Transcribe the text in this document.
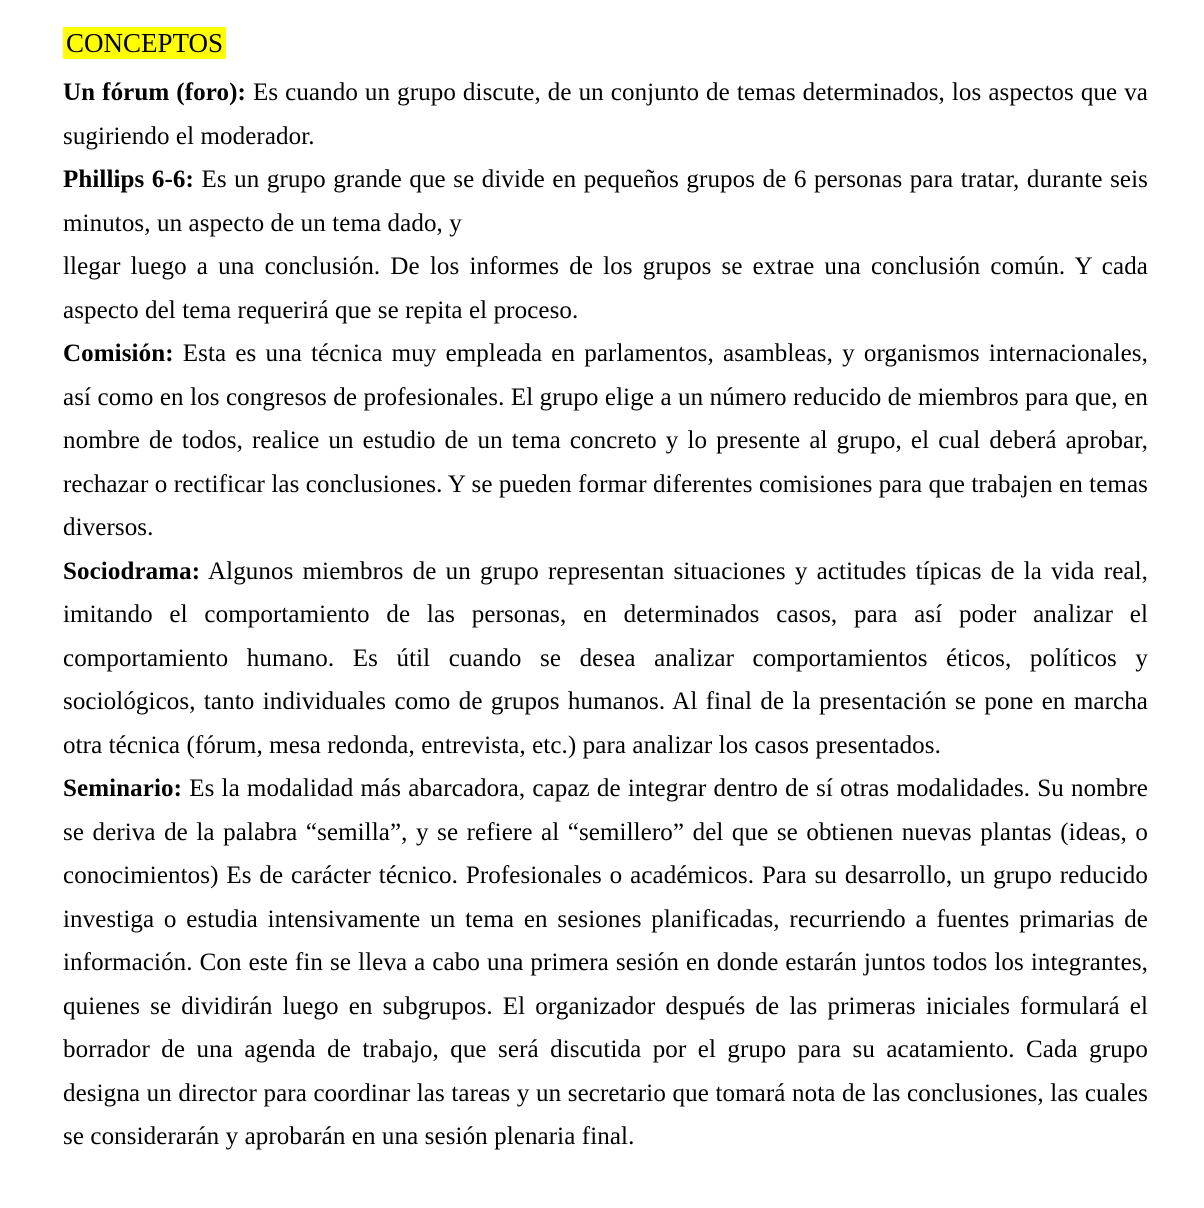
CONCEPTOS

Un fórum (foro): Es cuando un grupo discute, de un conjunto de temas determinados, los aspectos que va sugiriendo el moderador.

Phillips 6-6: Es un grupo grande que se divide en pequeños grupos de 6 personas para tratar, durante seis minutos, un aspecto de un tema dado, y

llegar luego a una conclusión. De los informes de los grupos se extrae una conclusión común. Y cada aspecto del tema requerirá que se repita el proceso.

Comisión: Esta es una técnica muy empleada en parlamentos, asambleas, y organismos internacionales, así como en los congresos de profesionales. El grupo elige a un número reducido de miembros para que, en nombre de todos, realice un estudio de un tema concreto y lo presente al grupo, el cual deberá aprobar, rechazar o rectificar las conclusiones. Y se pueden formar diferentes comisiones para que trabajen en temas diversos.

Sociodrama: Algunos miembros de un grupo representan situaciones y actitudes típicas de la vida real, imitando el comportamiento de las personas, en determinados casos, para así poder analizar el comportamiento humano. Es útil cuando se desea analizar comportamientos éticos, políticos y sociológicos, tanto individuales como de grupos humanos. Al final de la presentación se pone en marcha otra técnica (fórum, mesa redonda, entrevista, etc.) para analizar los casos presentados.

Seminario: Es la modalidad más abarcadora, capaz de integrar dentro de sí otras modalidades. Su nombre se deriva de la palabra “semilla”, y se refiere al “semillero” del que se obtienen nuevas plantas (ideas, o conocimientos) Es de carácter técnico. Profesionales o académicos. Para su desarrollo, un grupo reducido investiga o estudia intensivamente un tema en sesiones planificadas, recurriendo a fuentes primarias de información. Con este fin se lleva a cabo una primera sesión en donde estarán juntos todos los integrantes, quienes se dividirán luego en subgrupos. El organizador después de las primeras iniciales formulará el borrador de una agenda de trabajo, que será discutida por el grupo para su acatamiento. Cada grupo designa un director para coordinar las tareas y un secretario que tomará nota de las conclusiones, las cuales se considerarán y aprobarán en una sesión plenaria final.
